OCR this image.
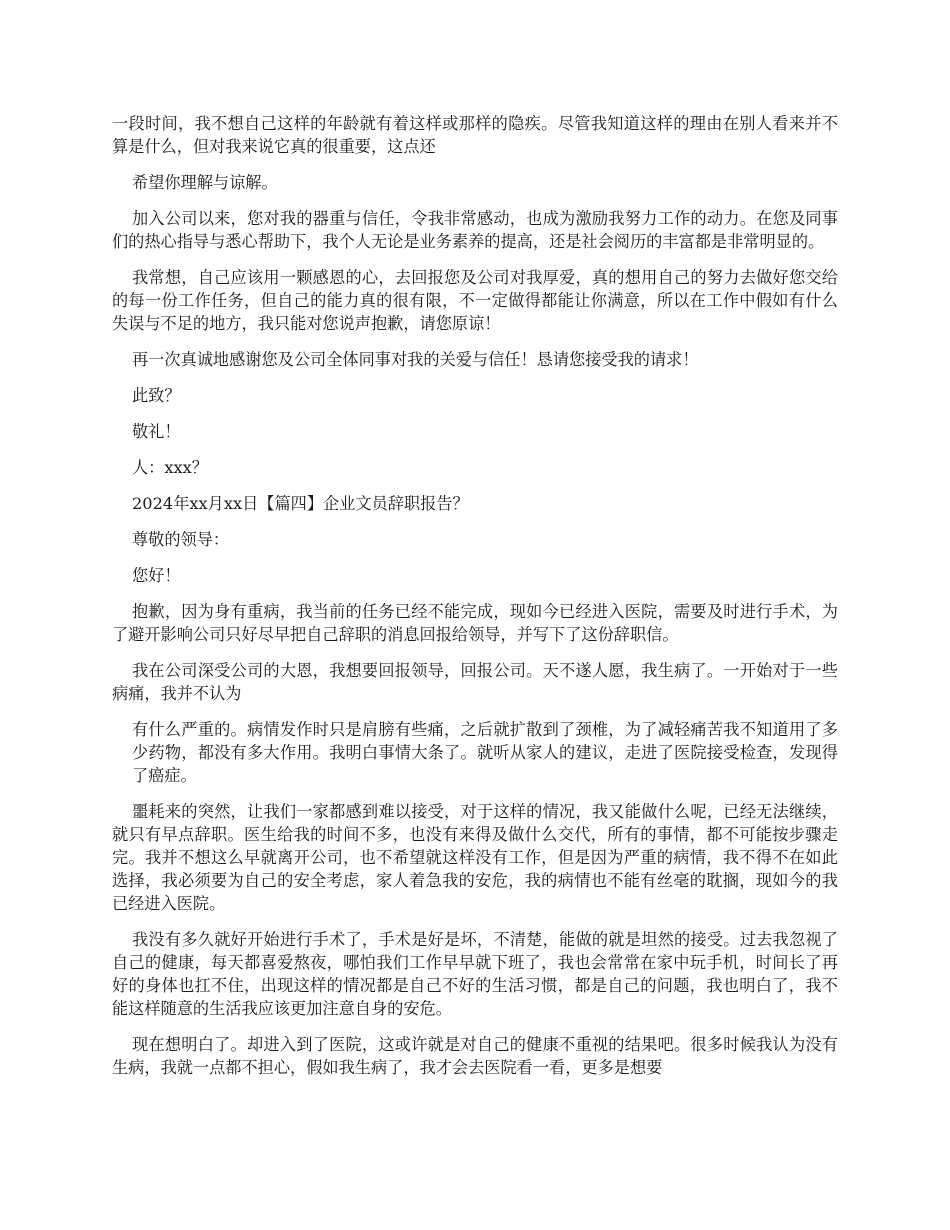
一段时间，我不想自己这样的年龄就有着这样或那样的隐疾。尽管我知道这样的理由在别人看来并不算是什么，但对我来说它真的很重要，这点还

希望你理解与谅解。

加入公司以来，您对我的器重与信任，令我非常感动，也成为激励我努力工作的动力。在您及同事们的热心指导与悉心帮助下，我个人无论是业务素养的提高，还是社会阅历的丰富都是非常明显的。

我常想，自己应该用一颗感恩的心，去回报您及公司对我厚爱，真的想用自己的努力去做好您交给的每一份工作任务，但自己的能力真的很有限，不一定做得都能让你满意，所以在工作中假如有什么失误与不足的地方，我只能对您说声抱歉，请您原谅！

再一次真诚地感谢您及公司全体同事对我的关爱与信任！恳请您接受我的请求！

此致？

敬礼！

人：xxx？

2024年xx月xx日【篇四】企业文员辞职报告？

尊敬的领导：

您好！

抱歉，因为身有重病，我当前的任务已经不能完成，现如今已经进入医院，需要及时进行手术，为了避开影响公司只好尽早把自己辞职的消息回报给领导，并写下了这份辞职信。

我在公司深受公司的大恩，我想要回报领导，回报公司。天不遂人愿，我生病了。一开始对于一些病痛，我并不认为

有什么严重的。病情发作时只是肩膀有些痛，之后就扩散到了颈椎，为了减轻痛苦我不知道用了多少药物，都没有多大作用。我明白事情大条了。就听从家人的建议，走进了医院接受检查，发现得了癌症。

噩耗来的突然，让我们一家都感到难以接受，对于这样的情况，我又能做什么呢，已经无法继续，就只有早点辞职。医生给我的时间不多，也没有来得及做什么交代，所有的事情，都不可能按步骤走完。我并不想这么早就离开公司，也不希望就这样没有工作，但是因为严重的病情，我不得不在如此选择，我必须要为自己的安全考虑，家人着急我的安危，我的病情也不能有丝毫的耽搁，现如今的我已经进入医院。

我没有多久就好开始进行手术了，手术是好是坏，不清楚，能做的就是坦然的接受。过去我忽视了自己的健康，每天都喜爱熬夜，哪怕我们工作早早就下班了，我也会常常在家中玩手机，时间长了再好的身体也扛不住，出现这样的情况都是自己不好的生活习惯，都是自己的问题，我也明白了，我不能这样随意的生活我应该更加注意自身的安危。

现在想明白了。却进入到了医院，这或许就是对自己的健康不重视的结果吧。很多时候我认为没有生病，我就一点都不担心，假如我生病了，我才会去医院看一看，更多是想要
